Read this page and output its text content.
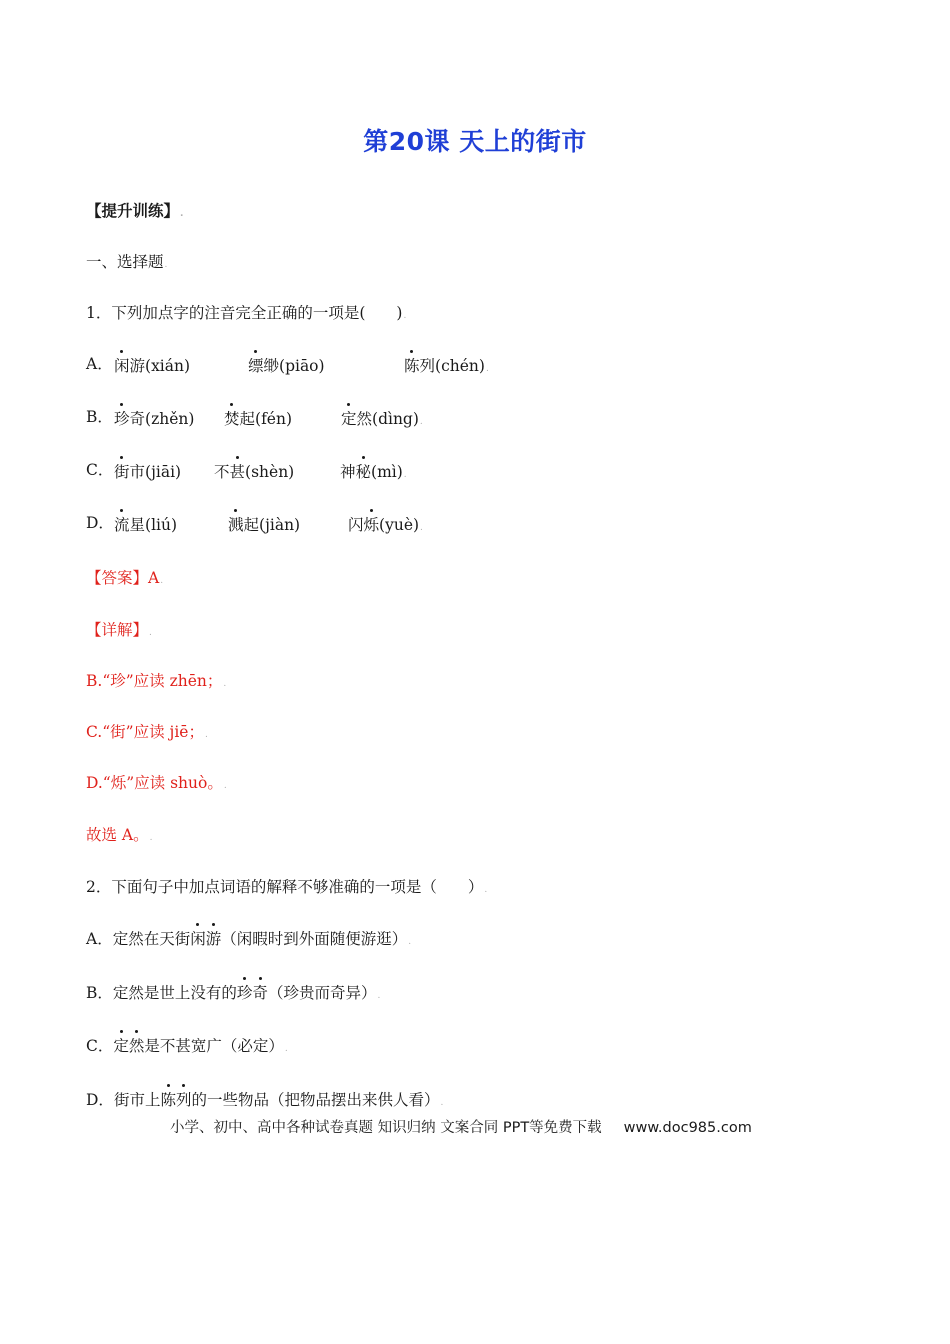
第20课 天上的街市
【提升训练】.
一、选择题.
1．下列加点字的注音完全正确的一项是(　　).
A． 闲游(xián)	缥缈(piāo)	陈列(chén).
B． 珍奇(zhěn) 焚起(fén)	定然(dìng).
C． 街市(jiāi) 不甚(shèn)	神秘(mì).
D． 流星(liú)	溅起(jiàn)	闪烁(yuè).
【答案】A.
【详解】.
B.“珍”应读 zhēn；.
C.“街”应读 jiē；.
D.“烁”应读 shuò。.
故选 A。.
2．下面句子中加点词语的解释不够准确的一项是（　　）.
A．定然在天街闲游（闲暇时到外面随便游逛）.
B．定然是世上没有的珍奇（珍贵而奇异）.
C．定然是不甚宽广（必定）.
D．街市上陈列的一些物品（把物品摆出来供人看）.
小学、初中、高中各种试卷真题 知识归纳 文案合同 PPT等免费下载 www.doc985.com
